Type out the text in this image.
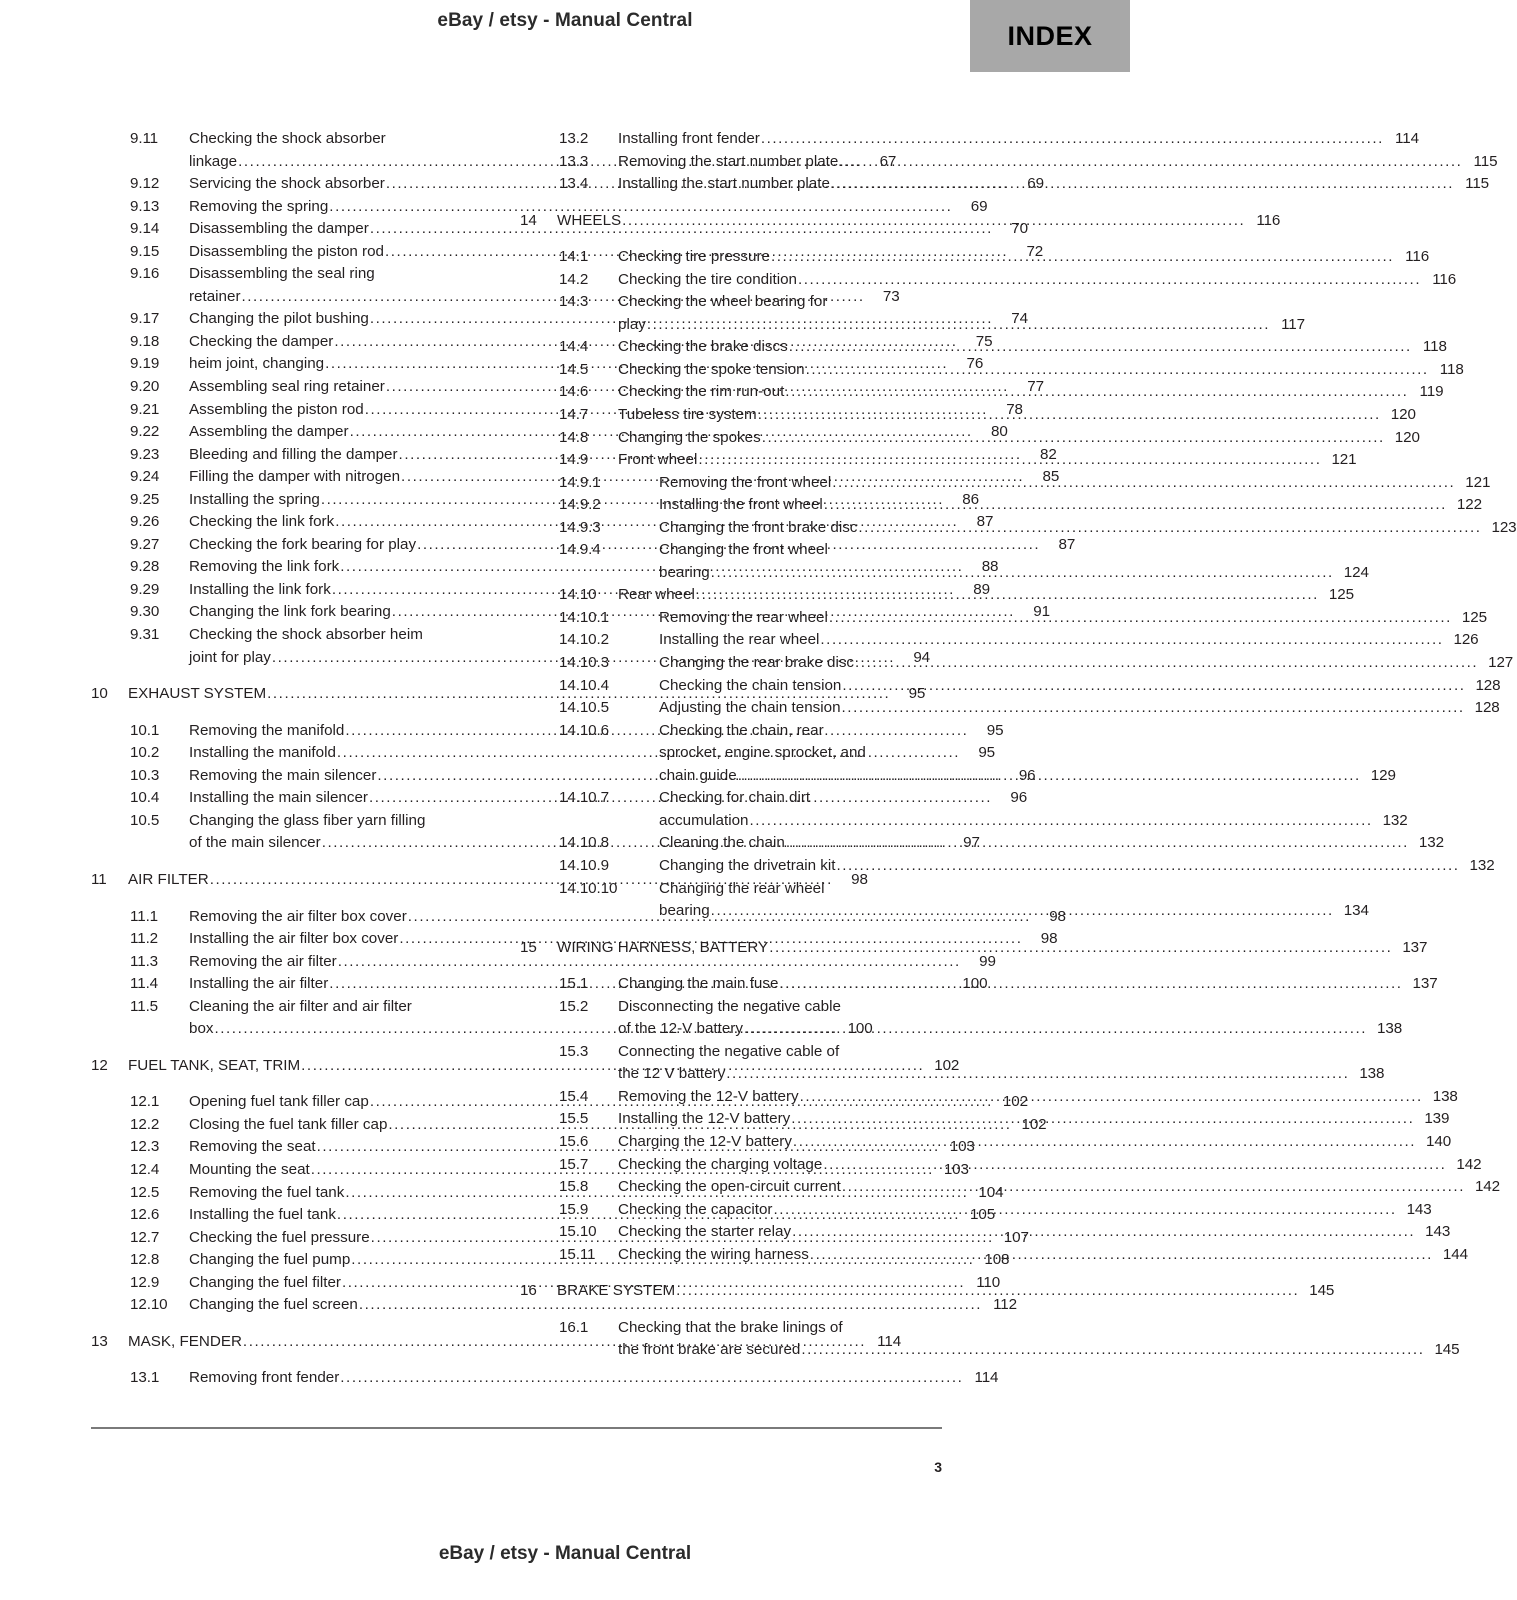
eBay / etsy - Manual Central	INDEX
9.11	Checking the shock absorber
linkage .....	67
9.12	Servicing the shock absorber .....	69
9.13	Removing the spring .....	69
9.14	Disassembling the damper .....	70
9.15	Disassembling the piston rod .....	72
9.16	Disassembling the seal ring
retainer .....	73
9.17	Changing the pilot bushing .....	74
9.18	Checking the damper .....	75
9.19	heim joint, changing .....	76
9.20	Assembling seal ring retainer .....	77
9.21	Assembling the piston rod .....	78
9.22	Assembling the damper .....	80
9.23	Bleeding and filling the damper .....	82
9.24	Filling the damper with nitrogen .....	85
9.25	Installing the spring .....	86
9.26	Checking the link fork .....	87
9.27	Checking the fork bearing for play .....	87
9.28	Removing the link fork .....	88
9.29	Installing the link fork .....	89
9.30	Changing the link fork bearing .....	91
9.31	Checking the shock absorber heim
joint for play .....	94
10	EXHAUST SYSTEM .....	95
10.1	Removing the manifold .....	95
10.2	Installing the manifold .....	95
10.3	Removing the main silencer .....	96
10.4	Installing the main silencer .....	96
10.5	Changing the glass fiber yarn filling
of the main silencer .....	97
11	AIR FILTER .....	98
11.1	Removing the air filter box cover .....	98
11.2	Installing the air filter box cover .....	98
11.3	Removing the air filter .....	99
11.4	Installing the air filter .....	100
11.5	Cleaning the air filter and air filter
box .....	100
12	FUEL TANK, SEAT, TRIM .....	102
12.1	Opening fuel tank filler cap .....	102
12.2	Closing the fuel tank filler cap .....	102
12.3	Removing the seat .....	103
12.4	Mounting the seat .....	103
12.5	Removing the fuel tank .....	104
12.6	Installing the fuel tank .....	105
12.7	Checking the fuel pressure .....	107
12.8	Changing the fuel pump .....	108
12.9	Changing the fuel filter .....	110
12.10	Changing the fuel screen .....	112
13	MASK, FENDER .....	114
13.1	Removing front fender .....	114
13.2	Installing front fender .....	114
13.3	Removing the start number plate .....	115
13.4	Installing the start number plate .....	115
14	WHEELS .....	116
14.1	Checking tire pressure .....	116
14.2	Checking the tire condition .....	116
14.3	Checking the wheel bearing for
play .....	117
14.4	Checking the brake discs .....	118
14.5	Checking the spoke tension .....	118
14.6	Checking the rim run-out .....	119
14.7	Tubeless tire system .....	120
14.8	Changing the spokes .....	120
14.9	Front wheel .....	121
14.9.1	Removing the front wheel .....	121
14.9.2	Installing the front wheel .....	122
14.9.3	Changing the front brake disc .....	123
14.9.4	Changing the front wheel
bearing .....	124
14.10	Rear wheel .....	125
14.10.1	Removing the rear wheel .....	125
14.10.2	Installing the rear wheel .....	126
14.10.3	Changing the rear brake disc .....	127
14.10.4	Checking the chain tension .....	128
14.10.5	Adjusting the chain tension .....	128
14.10.6	Checking the chain, rear
sprocket, engine sprocket, and
chain guide .....	129
14.10.7	Checking for chain dirt
accumulation .....	132
14.10.8	Cleaning the chain .....	132
14.10.9	Changing the drivetrain kit .....	132
14.10.10	Changing the rear wheel
bearing .....	134
15	WIRING HARNESS, BATTERY .....	137
15.1	Changing the main fuse .....	137
15.2	Disconnecting the negative cable
of the 12-V battery .....	138
15.3	Connecting the negative cable of
the 12 V battery .....	138
15.4	Removing the 12-V battery .....	138
15.5	Installing the 12-V battery .....	139
15.6	Charging the 12-V battery .....	140
15.7	Checking the charging voltage .....	142
15.8	Checking the open-circuit current .....	142
15.9	Checking the capacitor .....	143
15.10	Checking the starter relay .....	143
15.11	Checking the wiring harness .....	144
16	BRAKE SYSTEM .....	145
16.1	Checking that the brake linings of
the front brake are secured .....	145
3
eBay / etsy - Manual Central
